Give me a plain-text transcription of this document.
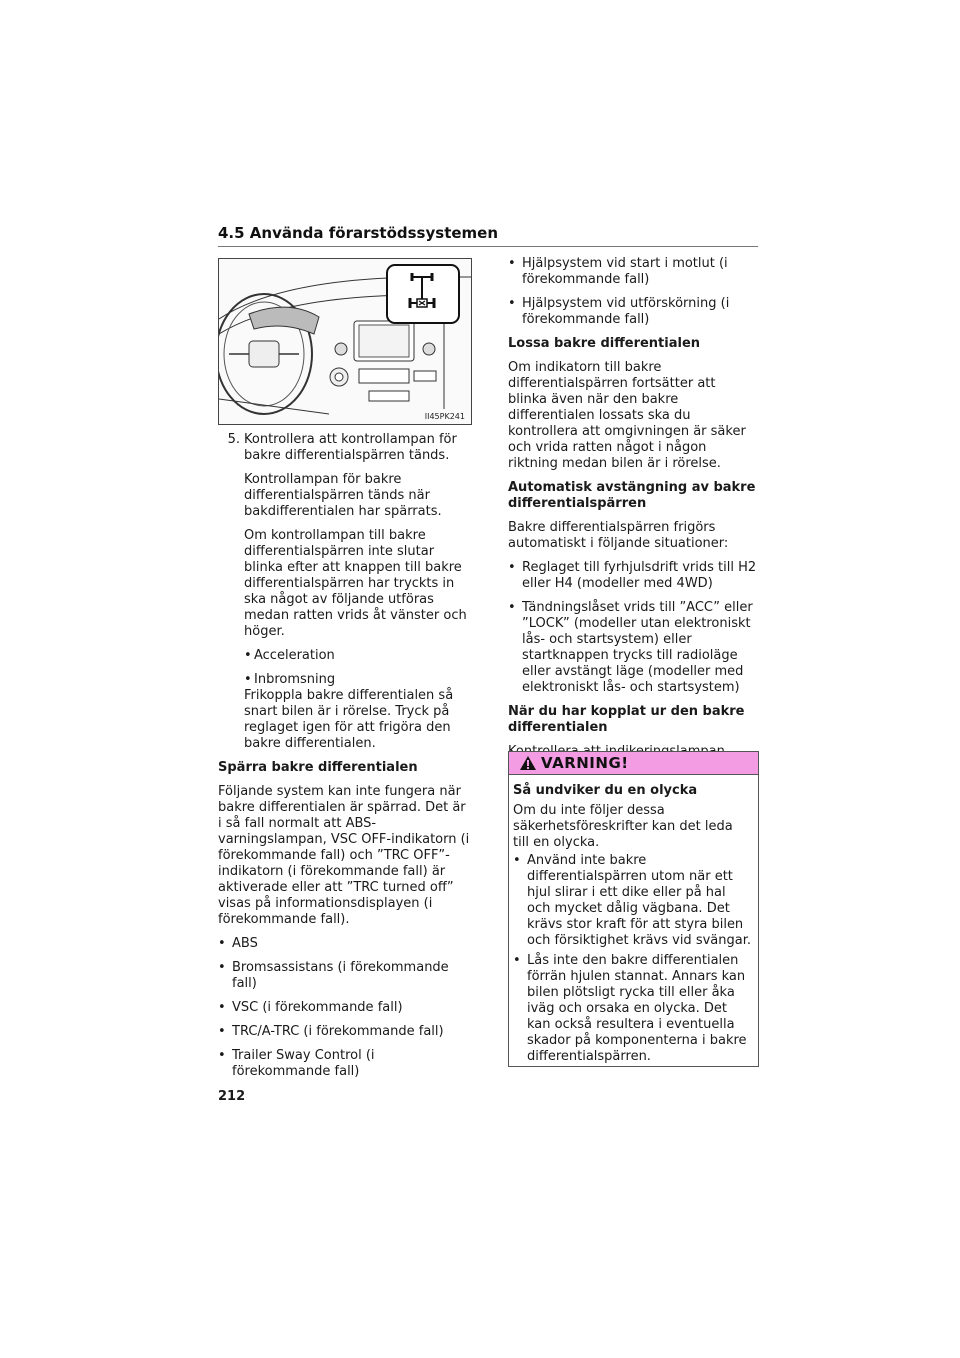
4.5 Använda förarstödssystemen
II45PK241
5. Kontrollera att kontrollampan för bakre differentialspärren tänds.

Kontrollampan för bakre differentialspärren tänds när bakdifferentialen har spärrats.

Om kontrollampan till bakre differentialspärren inte slutar blinka efter att knappen till bakre differentialspärren har tryckts in ska något av följande utföras medan ratten vrids åt vänster och höger.

• Acceleration
• Inbromsning

Frikoppla bakre differentialen så snart bilen är i rörelse. Tryck på reglaget igen för att frigöra den bakre differentialen.

Spärra bakre differentialen

Följande system kan inte fungera när bakre differentialen är spärrad. Det är i så fall normalt att ABS-varningslampan, VSC OFF-indikatorn (i förekommande fall) och ”TRC OFF”-indikatorn (i förekommande fall) är aktiverade eller att ”TRC turned off” visas på informationsdisplayen (i förekommande fall).

• ABS
• Bromsassistans (i förekommande fall)
• VSC (i förekommande fall)
• TRC/A-TRC (i förekommande fall)
• Trailer Sway Control (i förekommande fall)
• Hjälpsystem vid start i motlut (i förekommande fall)
• Hjälpsystem vid utförskörning (i förekommande fall)
Lossa bakre differentialen

Om indikatorn till bakre differentialspärren fortsätter att blinka även när den bakre differentialen lossats ska du kontrollera att omgivningen är säker och vrida ratten något i någon riktning medan bilen är i rörelse.

Automatisk avstängning av bakre differentialspärren

Bakre differentialspärren frigörs automatiskt i följande situationer:

• Reglaget till fyrhjulsdrift vrids till H2 eller H4 (modeller med 4WD)
• Tändningslåset vrids till ”ACC” eller ”LOCK” (modeller utan elektroniskt lås- och startsystem) eller startknappen trycks till radioläge eller avstängt läge (modeller med elektroniskt lås- och startsystem)
När du har kopplat ur den bakre differentialen

VARNING!
Så undviker du en olycka

Om du inte följer dessa säkerhetsföreskrifter kan det leda till en olycka.

• Använd inte bakre differentialspärren utom när ett hjul slirar i ett dike eller på hal och mycket dålig vägbana. Det krävs stor kraft för att styra bilen och försiktighet krävs vid svängar.
• Lås inte den bakre differentialen förrän hjulen stannat. Annars kan bilen plötsligt rycka till eller åka iväg och orsaka en olycka. Det kan också resultera i eventuella skador på komponenterna i bakre differentialspärren.
212
